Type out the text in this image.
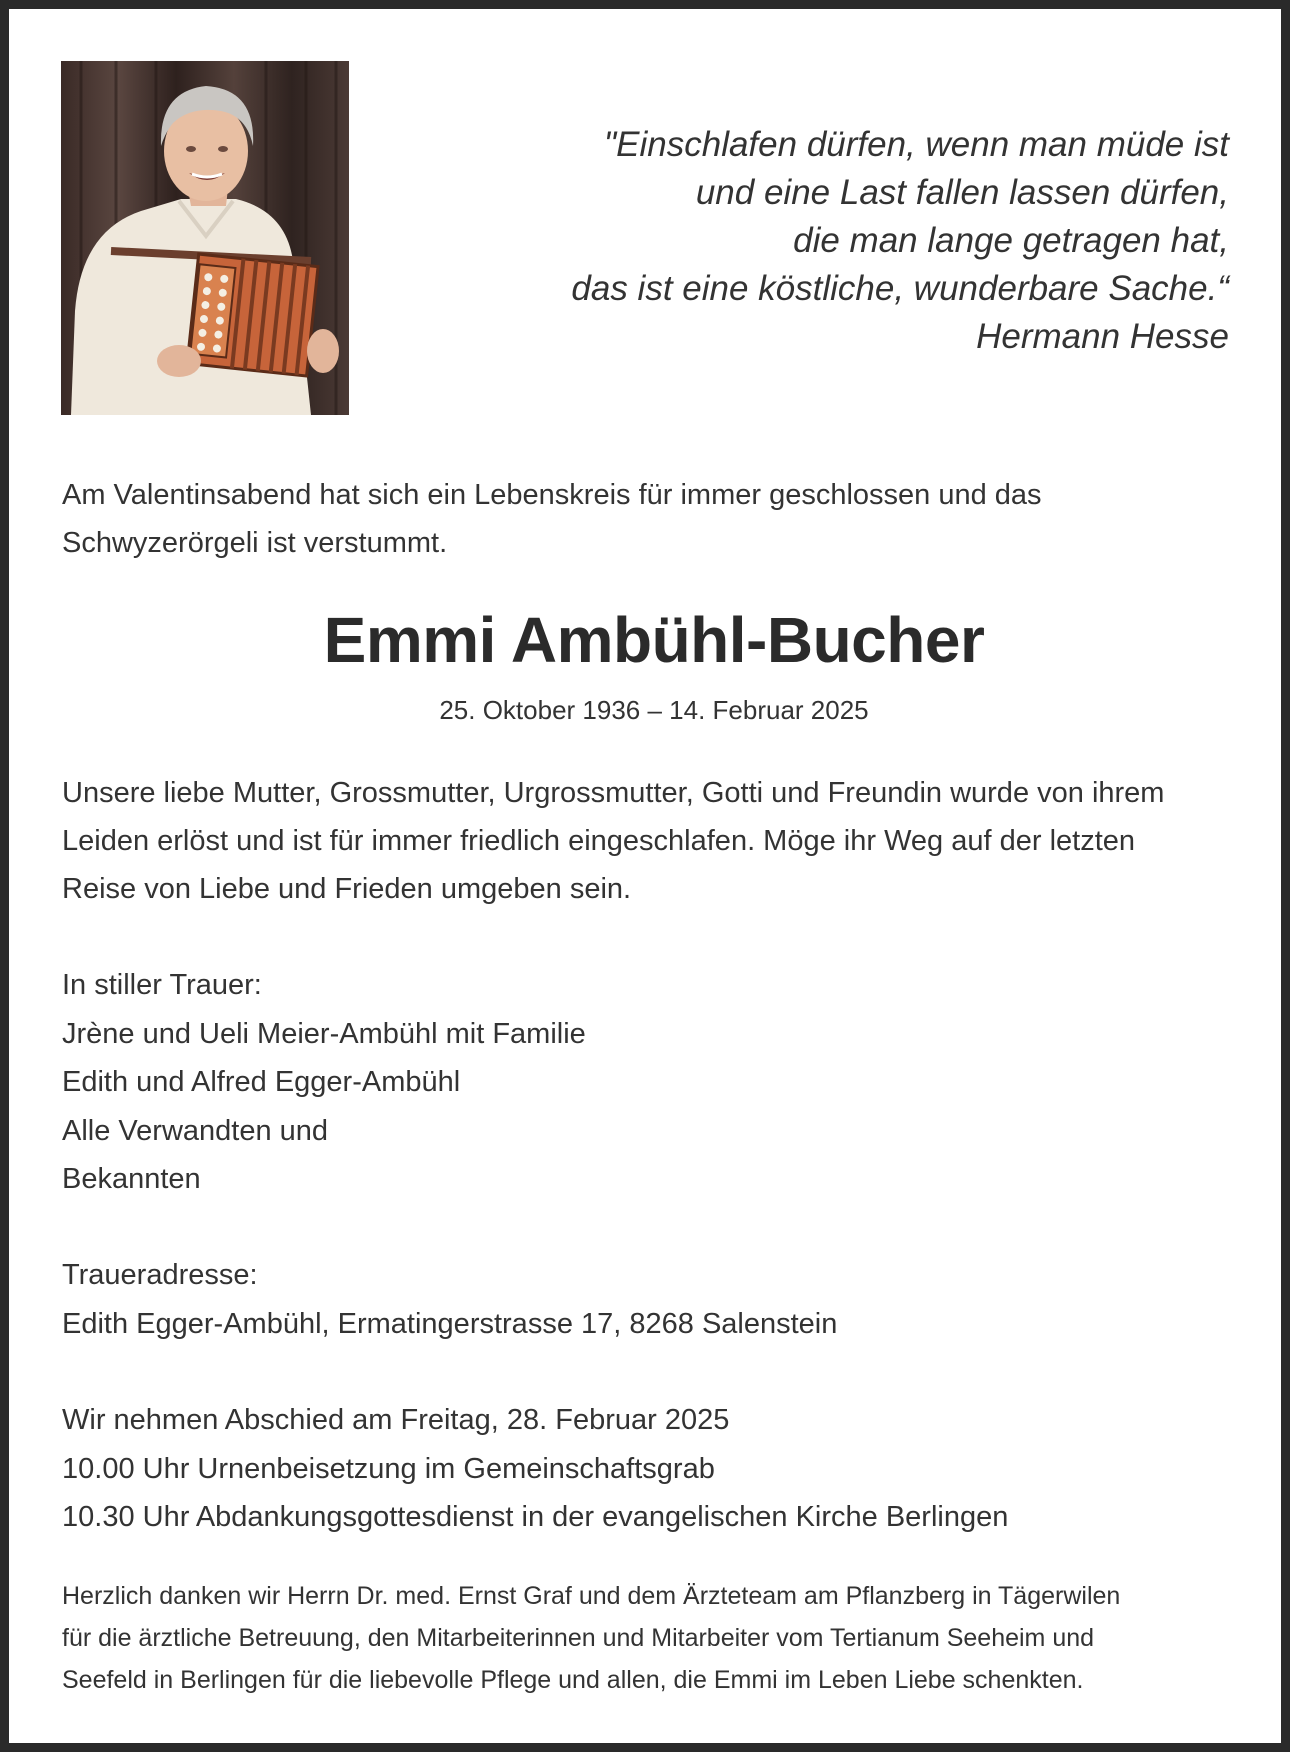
"Einschlafen dürfen, wenn man müde ist
und eine Last fallen lassen dürfen,
die man lange getragen hat,
das ist eine köstliche, wunderbare Sache.“
Hermann Hesse
Am Valentinsabend hat sich ein Lebenskreis für immer geschlossen und das
Schwyzerörgeli ist verstummt.
Emmi Ambühl-Bucher
25. Oktober 1936 – 14. Februar 2025
Unsere liebe Mutter, Grossmutter, Urgrossmutter, Gotti und Freundin wurde von ihrem
Leiden erlöst und ist für immer friedlich eingeschlafen. Möge ihr Weg auf der letzten
Reise von Liebe und Frieden umgeben sein.
In stiller Trauer:
Jrène und Ueli Meier-Ambühl mit Familie
Edith und Alfred Egger-Ambühl
Alle Verwandten und
Bekannten
Traueradresse:
Edith Egger-Ambühl, Ermatingerstrasse 17, 8268 Salenstein
Wir nehmen Abschied am Freitag, 28. Februar 2025
10.00 Uhr Urnenbeisetzung im Gemeinschaftsgrab
10.30 Uhr Abdankungsgottesdienst in der evangelischen Kirche Berlingen
Herzlich danken wir Herrn Dr. med. Ernst Graf und dem Ärzteteam am Pflanzberg in Tägerwilen
für die ärztliche Betreuung, den Mitarbeiterinnen und Mitarbeiter vom Tertianum Seeheim und
Seefeld in Berlingen für die liebevolle Pflege und allen, die Emmi im Leben Liebe schenkten.
